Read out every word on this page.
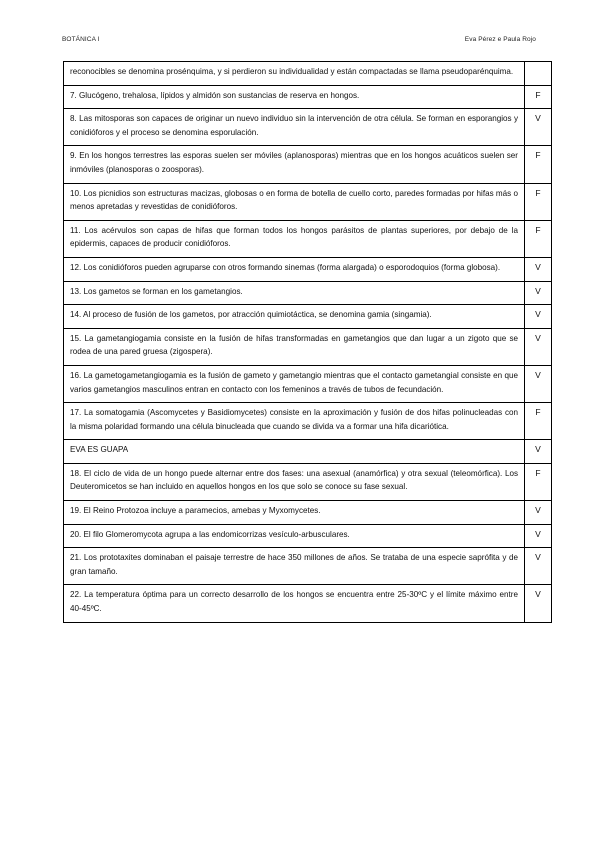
BOTÁNICA I	Eva Pérez e Paula Rojo
reconocibles se denomina prosénquima, y si perdieron su individualidad y están compactadas se llama pseudoparénquima.	
7. Glucógeno, trehalosa, lípidos y almidón son sustancias de reserva en hongos.	F
8. Las mitosporas son capaces de originar un nuevo individuo sin la intervención de otra célula. Se forman en esporangios y conidióforos y el proceso se denomina esporulación.	V
9. En los hongos terrestres las esporas suelen ser móviles (aplanosporas) mientras que en los hongos acuáticos suelen ser inmóviles (planosporas o zoosporas).	F
10. Los picnidios son estructuras macizas, globosas o en forma de botella de cuello corto, paredes formadas por hifas más o menos apretadas y revestidas de conidióforos.	F
11. Los acérvulos son capas de hifas que forman todos los hongos parásitos de plantas superiores, por debajo de la epidermis, capaces de producir conidióforos.	F
12. Los conidióforos pueden agruparse con otros formando sinemas (forma alargada) o esporodoquios (forma globosa).	V
13. Los gametos se forman en los gametangios.	V
14. Al proceso de fusión de los gametos, por atracción quimiotáctica, se denomina gamia (singamia).	V
15. La gametangiogamia consiste en la fusión de hifas transformadas en gametangios que dan lugar a un zigoto que se rodea de una pared gruesa (zigospera).	V
16. La gametogametangiogamia es la fusión de gameto y gametangio mientras que el contacto gametangial consiste en que varios gametangios masculinos entran en contacto con los femeninos a través de tubos de fecundación.	V
17. La somatogamia (Ascomycetes y Basidiomycetes) consiste en la aproximación y fusión de dos hifas polinucleadas con la misma polaridad formando una célula binucleada que cuando se divida va a formar una hifa dicariótica.	F
EVA ES GUAPA	V
18. El ciclo de vida de un hongo puede alternar entre dos fases: una asexual (anamórfica) y otra sexual (teleomórfica). Los Deuteromicetos se han incluido en aquellos hongos en los que solo se conoce su fase sexual.	F
19. El Reino Protozoa incluye a paramecios, amebas y Myxomycetes.	V
20. El filo Glomeromycota agrupa a las endomicorrizas vesículo-arbusculares.	V
21. Los prototaxites dominaban el paisaje terrestre de hace 350 millones de años. Se trataba de una especie saprófita y de gran tamaño.	V
22. La temperatura óptima para un correcto desarrollo de los hongos se encuentra entre 25-30ºC y el límite máximo entre 40-45ºC.	V
